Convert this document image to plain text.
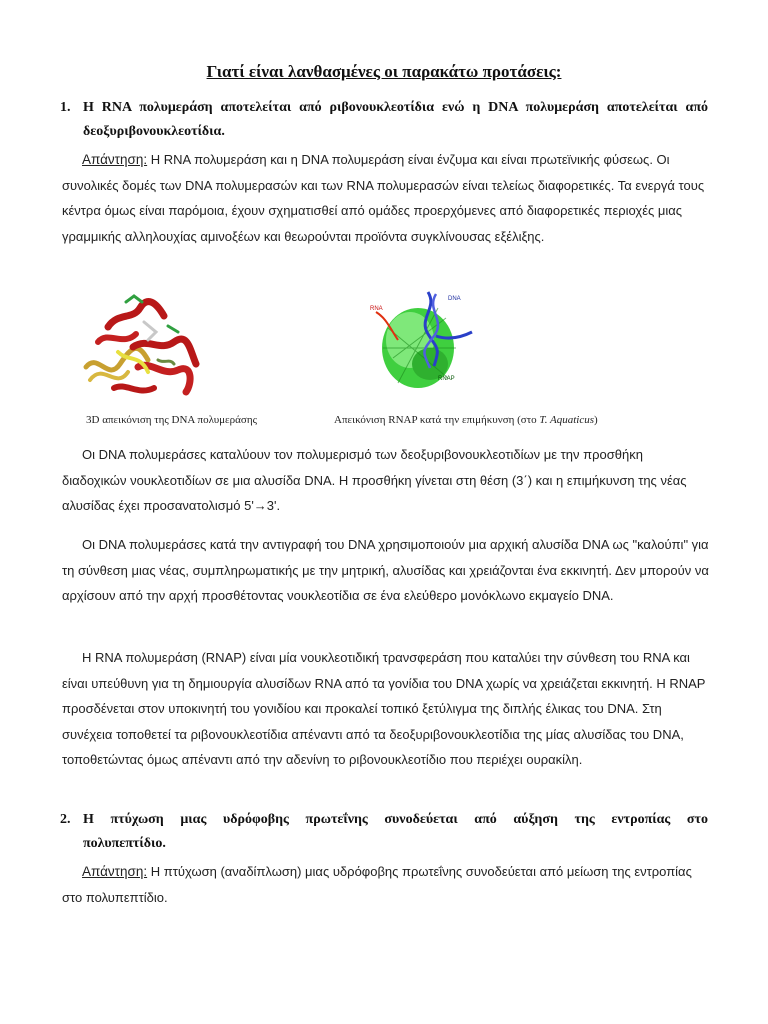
Γιατί είναι λανθασμένες οι παρακάτω προτάσεις:
1. Η RNA πολυμεράση αποτελείται από ριβονουκλεοτίδια ενώ η DNA πολυμεράση αποτελείται από δεοξυριβονουκλεοτίδια.
Απάντηση: Η RNA πολυμεράση και η DNA πολυμεράση είναι ένζυμα και είναι πρωτεϊνικής φύσεως. Οι συνολικές δομές των DNA πολυμερασών και των RNA πολυμερασών είναι τελείως διαφορετικές. Τα ενεργά τους κέντρα όμως είναι παρόμοια, έχουν σχηματισθεί από ομάδες προερχόμενες από διαφορετικές περιοχές μιας γραμμικής αλληλουχίας αμινοξέων και θεωρούνται προϊόντα συγκλίνουσας εξέλιξης.
RNA
DNA
RNAP
3D απεικόνιση της DNA πολυμεράσης	Απεικόνιση RNAP κατά την επιμήκυνση (στο T. Aquaticus)
Οι DNA πολυμεράσες καταλύουν τον πολυμερισμό των δεοξυριβονουκλεοτιδίων με την προσθήκη διαδοχικών νουκλεοτιδίων σε μια αλυσίδα DNA. Η προσθήκη γίνεται στη θέση (3΄) και η επιμήκυνση της νέας αλυσίδας έχει προσανατολισμό 5'→3'.
Οι DNA πολυμεράσες κατά την αντιγραφή του DNA χρησιμοποιούν μια αρχική αλυσίδα DNA ως "καλούπι" για τη σύνθεση μιας νέας, συμπληρωματικής με την μητρική, αλυσίδας και χρειάζονται ένα εκκινητή. Δεν μπορούν να αρχίσουν από την αρχή προσθέτοντας νουκλεοτίδια σε ένα ελεύθερο μονόκλωνο εκμαγείο DNA.
Η RNA πολυμεράση (RNAP) είναι μία νουκλεοτιδική τρανσφεράση που καταλύει την σύνθεση του RNA και είναι υπεύθυνη για τη δημιουργία αλυσίδων RNA από τα γονίδια του DNA χωρίς να χρειάζεται εκκινητή. Η RNAP προσδένεται στον υποκινητή του γονιδίου και προκαλεί τοπικό ξετύλιγμα της διπλής έλικας του DNA. Στη συνέχεια τοποθετεί τα ριβονουκλεοτίδια απέναντι από τα δεοξυριβονουκλεοτίδια της μίας αλυσίδας του DNA, τοποθετώντας όμως απέναντι από την αδενίνη το ριβονουκλεοτίδιο που περιέχει ουρακίλη.
2. Η πτύχωση μιας υδρόφοβης πρωτεΐνης συνοδεύεται από αύξηση της εντροπίας στο πολυπεπτίδιο.
Απάντηση: Η πτύχωση (αναδίπλωση) μιας υδρόφοβης πρωτεΐνης συνοδεύεται από μείωση της εντροπίας στο πολυπεπτίδιο.
